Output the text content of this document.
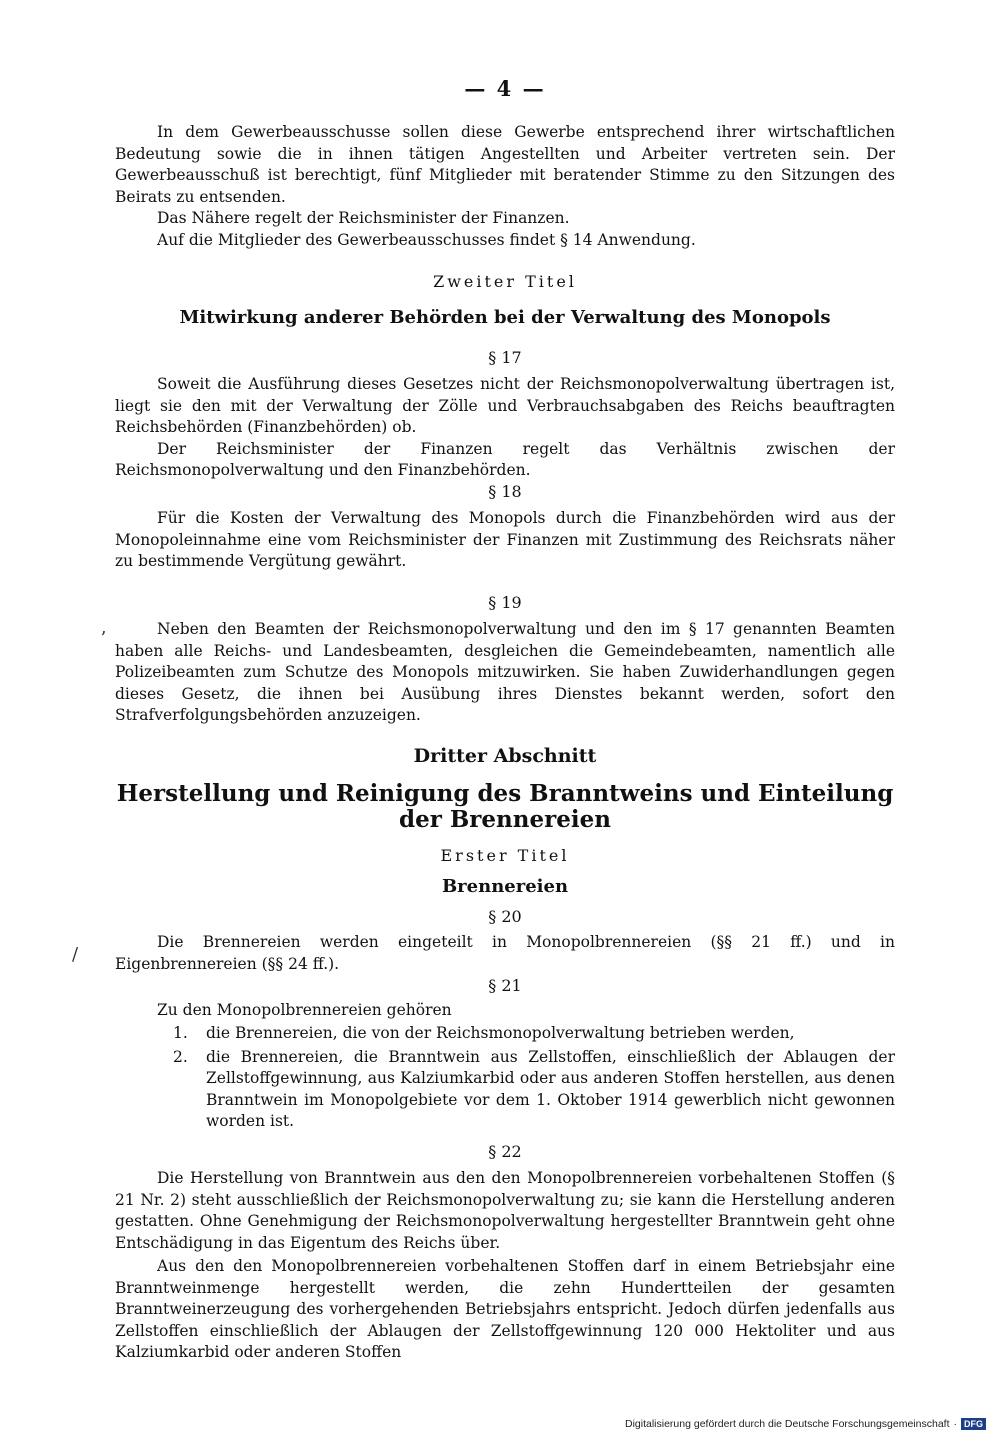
— 4 —

In dem Gewerbeausschusse sollen diese Gewerbe entsprechend ihrer wirtschaftlichen Bedeutung sowie die in ihnen tätigen Angestellten und Arbeiter vertreten sein. Der Gewerbeausschuß ist berechtigt, fünf Mitglieder mit beratender Stimme zu den Sitzungen des Beirats zu entsenden.

Das Nähere regelt der Reichsminister der Finanzen.

Auf die Mitglieder des Gewerbeausschusses findet § 14 Anwendung.

Zweiter Titel
Mitwirkung anderer Behörden bei der Verwaltung des Monopols
§ 17

Soweit die Ausführung dieses Gesetzes nicht der Reichsmonopolverwaltung übertragen ist, liegt sie den mit der Verwaltung der Zölle und Verbrauchsabgaben des Reichs beauftragten Reichsbehörden (Finanzbehörden) ob.

Der Reichsminister der Finanzen regelt das Verhältnis zwischen der Reichsmonopolverwaltung und den Finanzbehörden.

§ 18

Für die Kosten der Verwaltung des Monopols durch die Finanzbehörden wird aus der Monopoleinnahme eine vom Reichsminister der Finanzen mit Zustimmung des Reichsrats näher zu bestimmende Vergütung gewährt.

§ 19

Neben den Beamten der Reichsmonopolverwaltung und den im § 17 genannten Beamten haben alle Reichs- und Landesbeamten, desgleichen die Gemeindebeamten, namentlich alle Polizeibeamten zum Schutze des Monopols mitzuwirken. Sie haben Zuwiderhandlungen gegen dieses Gesetz, die ihnen bei Ausübung ihres Dienstes bekannt werden, sofort den Strafverfolgungsbehörden anzuzeigen.

Dritter Abschnitt
Herstellung und Reinigung des Branntweins und Einteilung
der Brennereien
Erster Titel
Brennereien
§ 20

Die Brennereien werden eingeteilt in Monopolbrennereien (§§ 21 ff.) und in Eigenbrennereien (§§ 24 ff.).

§ 21

Zu den Monopolbrennereien gehören

1. die Brennereien, die von der Reichsmonopolverwaltung betrieben werden,
2. die Brennereien, die Branntwein aus Zellstoffen, einschließlich der Ablaugen der Zellstoffgewinnung, aus Kalziumkarbid oder aus anderen Stoffen herstellen, aus denen Branntwein im Monopolgebiete vor dem 1. Oktober 1914 gewerblich nicht gewonnen worden ist.
§ 22

Die Herstellung von Branntwein aus den den Monopolbrennereien vorbehaltenen Stoffen (§ 21 Nr. 2) steht ausschließlich der Reichsmonopolverwaltung zu; sie kann die Herstellung anderen gestatten. Ohne Genehmigung der Reichsmonopolverwaltung hergestellter Branntwein geht ohne Entschädigung in das Eigentum des Reichs über.

Aus den den Monopolbrennereien vorbehaltenen Stoffen darf in einem Betriebsjahr eine Branntweinmenge hergestellt werden, die zehn Hundertteilen der gesamten Branntweinerzeugung des vorhergehenden Betriebsjahrs entspricht. Jedoch dürfen jedenfalls aus Zellstoffen einschließlich der Ablaugen der Zellstoffgewinnung 120 000 Hektoliter und aus Kalziumkarbid oder anderen Stoffen

ʼ
/
Digitalisierung gefördert durch die Deutsche Forschungsgemeinschaft · DFG
